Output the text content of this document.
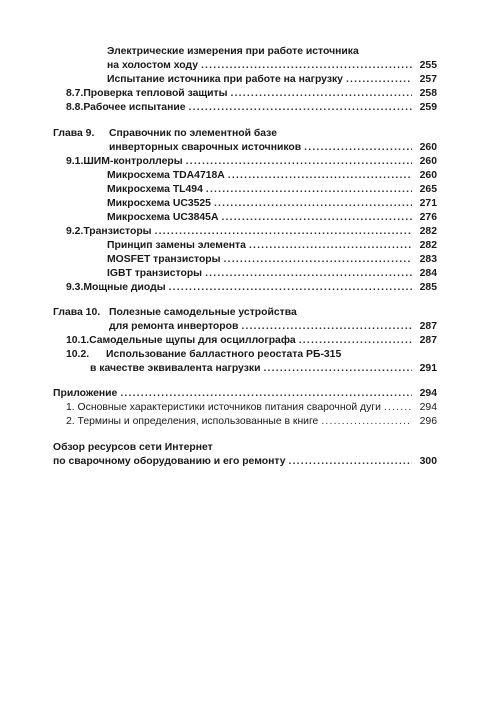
Электрические измерения при работе источника
на холостом ходу .....	255
Испытание источника при работе на нагрузку .....	257
8.7. Проверка тепловой защиты .....	258
8.8. Рабочее испытание .....	259
Глава 9.	Справочник по элементной базе
инверторных сварочных источников .....	260
9.1. ШИМ-контроллеры .....	260
Микросхема TDA4718A .....	260
Микросхема TL494 .....	265
Микросхема UC3525 .....	271
Микросхема UC3845A .....	276
9.2. Транзисторы .....	282
Принцип замены элемента .....	282
MOSFET транзисторы .....	283
IGBT транзисторы .....	284
9.3. Мощные диоды .....	285
Глава 10. Полезные самодельные устройства
для ремонта инверторов .....	287
10.1. Самодельные щупы для осциллографа .....	287
10.2.	Использование балластного реостата РБ-315
в качестве эквивалента нагрузки .....	291
Приложение .....	294
1. Основные характеристики источников питания сварочной дуги .....	294
2. Термины и определения, использованные в книге .....	296
Обзор ресурсов сети Интернет
по сварочному оборудованию и его ремонту .....	300
